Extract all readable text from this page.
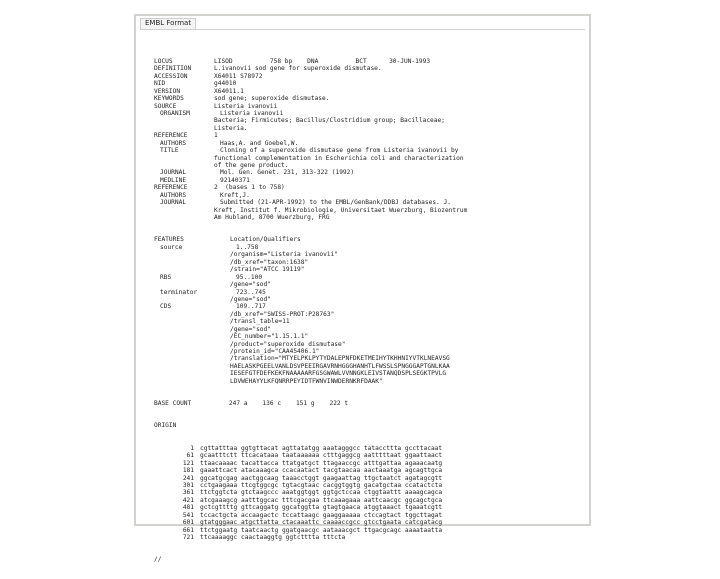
EMBL Format

LOCUS	LISOD          758 bp    DNA          BCT      30-JUN-1993
DEFINITION	L.ivanovii sod gene for superoxide dismutase.
ACCESSION	X64011 S78972
NID	g44010
VERSION	X64011.1
KEYWORDS	sod gene; superoxide dismutase.
SOURCE	Listeria ivanovii
ORGANISM	Listeria ivanovii
Bacteria; Firmicutes; Bacillus/Clostridium group; Bacillaceae;
Listeria.
REFERENCE	1
AUTHORS	Haas,A. and Goebel,W.
TITLE	Cloning of a superoxide dismutase gene from Listeria ivanovii by
functional complementation in Escherichia coli and characterization
of the gene product.
JOURNAL	Mol. Gen. Genet. 231, 313-322 (1992)
MEDLINE	92140371
REFERENCE	2  (bases 1 to 758)
AUTHORS	Kreft,J.
JOURNAL	Submitted (21-APR-1992) to the EMBL/GenBank/DDBJ databases. J.
Kreft, Institut f. Mikrobiologie, Universitaet Wuerzburg, Biozentrum
Am Hubland, 8700 Wuerzburg, FRG

FEATURES	Location/Qualifiers
source	1..758
/organism="Listeria ivanovii"
/db_xref="taxon:1638"
/strain="ATCC 19119"
RBS	95..100
/gene="sod"
terminator	723..745
/gene="sod"
CDS	109..717
/db_xref="SWISS-PROT:P28763"
/transl_table=11
/gene="sod"
/EC_number="1.15.1.1"
/product="superoxide dismutase"
/protein_id="CAA45406.1"
/translation="MTYELPKLPYTYDALEPNFDKETMEIHYTKHHNIYVTKLNEAVSG
HAELASKPGEELVANLDSVPEEIRGAVRNHGGGHANHTLFWSSLSPNGGGAPTGNLKAA
IESEFGTFDEFKEKFNAAAAARFGSGWAWLVVNNGKLEIVSTANQDSPLSEGKTPVLG
LDVWEHAYYLKFQNRRPEYIDTFWNVINWDERNKRFDAAK"

BASE COUNT	247 a    136 c    151 g    222 t

ORIGIN

1 cgttatttaa ggtgttacat agttatatgg aaatagggcc tataccttta gccttacaat
61 gcaatttctt ttcacataaa taataaaaaa ctttgaggcg aatttttaat ggaattaact
121 ttaacaaaac tacattacca ttatgatgct ttagaaccgc atttgattaa agaaacaatg
181 gaaattcact atacaaagca ccacaatact tacgtaacaa aactaaatga agcagttgca
241 ggcatgcgag aactggcaag taaacctggt gaagaattag ttgctaatct agatagcgtt
301 cctgaagaaa ttcgtggcgc tgtacgtaac cacggtggtg gacatgctaa ccatactcta
361 ttctggtcta gtctaagccc aaatggtggt ggtgctccaa ctggtaattt aaaagcagca
421 atcgaaagcg aatttggcac tttcgacgaa ttcaaagaaa aattcaacgc ggcagctgca
481 gctcgttttg gttcaggatg ggcatggtta gtagtgaaca atggtaaact tgaaatcgtt
541 tccactgcta accaagactc tccattaagc gaaggaaaaa ctccagtact tggcttagat
601 gtatgggaac atgcttatta ctacaaattc caaaaccgcc gtcctgaata catcgatacg
661 ttctggaatg taatcaactg ggatgaacgc aataaacgct ttgacgcagc aaaataatta
721 ttcaaaaggc caactaaggtg ggtctttta tttcta

//
